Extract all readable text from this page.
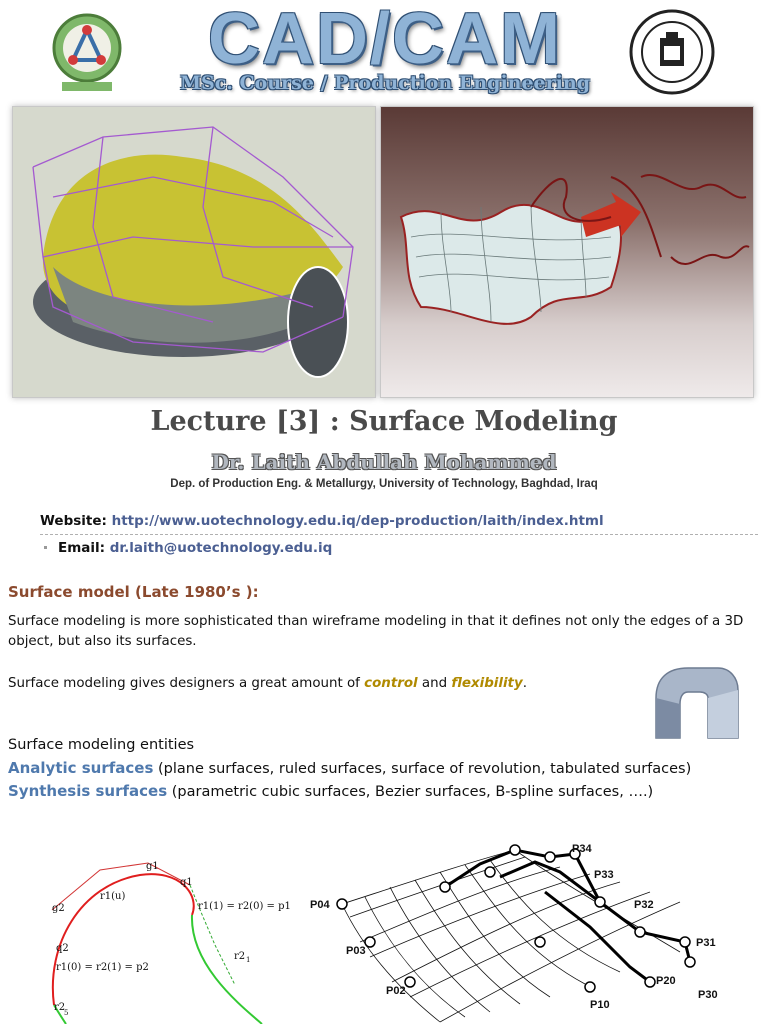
CAD/CAM
MSc. Course / Production Engineering
Lecture [3] : Surface Modeling
Dr. Laith Abdullah Mohammed
Dep. of Production Eng. & Metallurgy, University of Technology, Baghdad, Iraq
Website: http://www.uotechnology.edu.iq/dep-production/laith/index.html
Email: dr.laith@uotechnology.edu.iq
Surface model (Late 1980’s ):
Surface modeling is more sophisticated than wireframe modeling in that it defines not only the edges of a 3D object, but also its surfaces.
Surface modeling gives designers a great amount of control and flexibility.
Surface modeling entities
Analytic surfaces (plane surfaces, ruled surfaces, surface of revolution, tabulated surfaces)
Synthesis surfaces (parametric cubic surfaces, Bezier surfaces, B-spline surfaces, ….)
g1
q1
r1(u)
r1(1) = r2(0) = p1
g2
q2
r2 1
r1(0) = r2(1) = p2
r2
5
P04
P03
P02
P34
P33
P32
P31
P30
P20
P10
